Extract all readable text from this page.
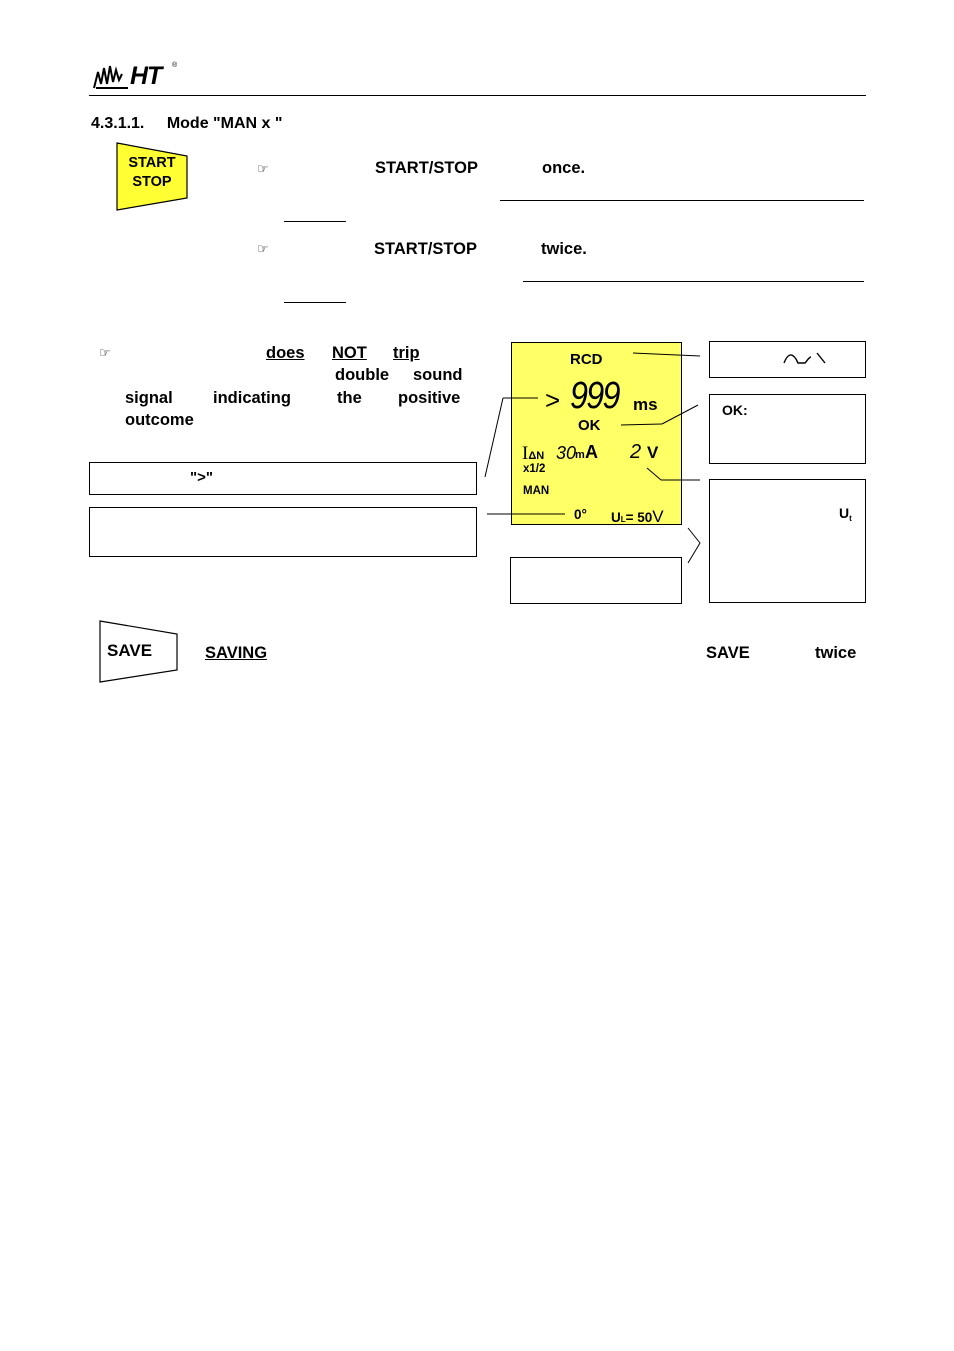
HT ®
4.3.1.1. Mode "MAN x "
START
STOP
☞	START/STOP	once.
☞	START/STOP	twice.
☞	does NOT trip
double sound
signal indicating	the positive
outcome
">"
RCD
> 999 ms
OK
IΔN 30
m A 2 V
x1/2
MAN
0° UL= 50V
OK:
$U_t$
SAVE	SAVING	SAVE	twice
